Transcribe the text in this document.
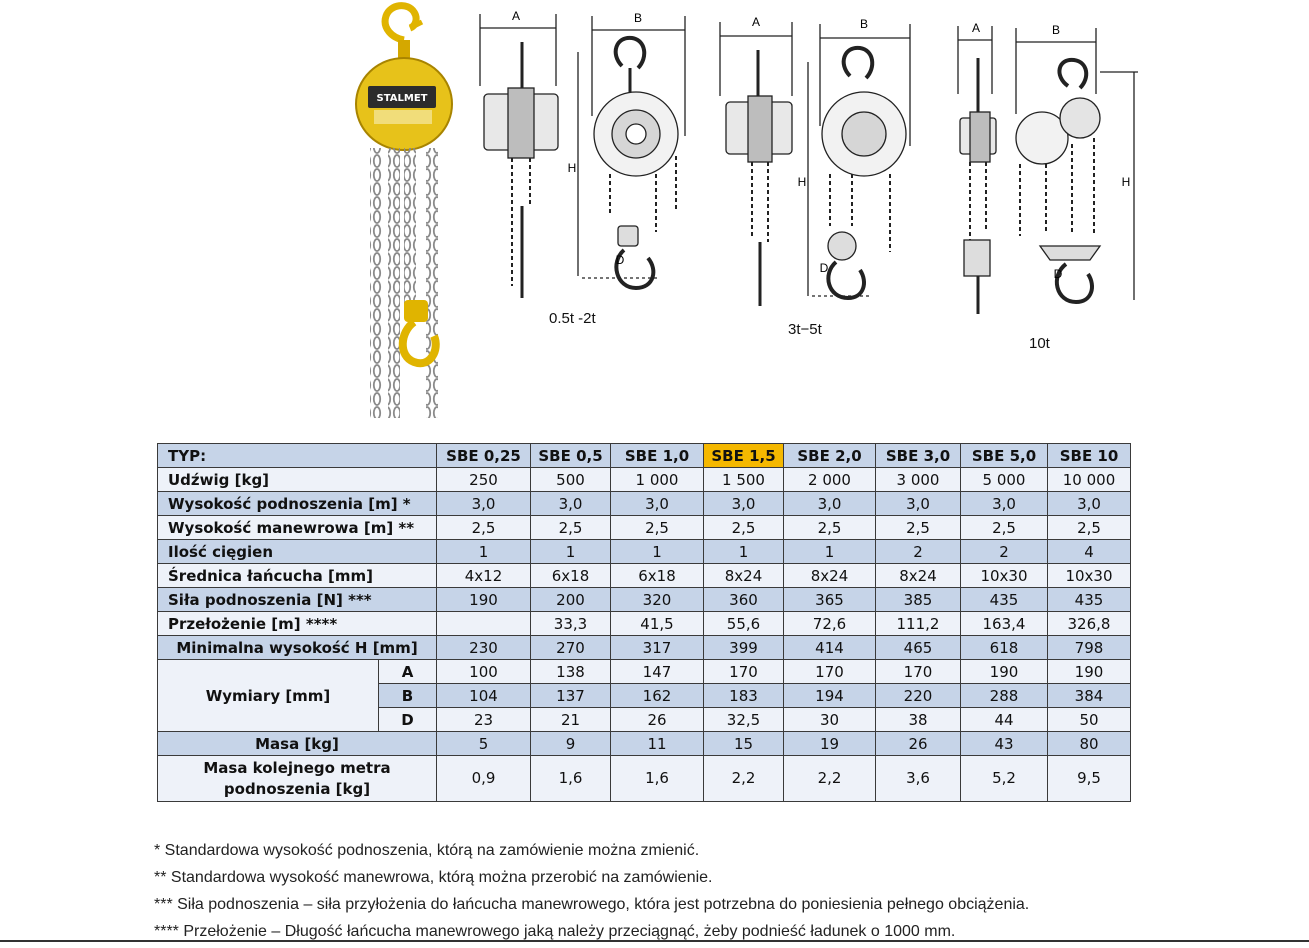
STALMET
A	B
H
D
0.5t -2t
A	B
H
D
3t−5t
A	B
H
D
10t
TYP:		SBE 0,25	SBE 0,5	SBE 1,0	SBE 1,5	SBE 2,0	SBE 3,0	SBE 5,0	SBE 10
Udźwig [kg]		250	500	1 000	1 500	2 000	3 000	5 000	10 000
Wysokość podnoszenia [m] *		3,0	3,0	3,0	3,0	3,0	3,0	3,0	3,0
Wysokość manewrowa [m] **		2,5	2,5	2,5	2,5	2,5	2,5	2,5	2,5
Ilość cięgien		1	1	1	1	1	2	2	4
Średnica łańcucha [mm]		4x12	6x18	6x18	8x24	8x24	8x24	10x30	10x30
Siła podnoszenia [N] ***		190	200	320	360	365	385	435	435
Przełożenie [m] ****			33,3	41,5	55,6	72,6	111,2	163,4	326,8
Minimalna wysokość H [mm]		230	270	317	399	414	465	618	798
Wymiary [mm]	A	100	138	147	170	170	170	190	190
	B	104	137	162	183	194	220	288	384
	D	23	21	26	32,5	30	38	44	50
Masa [kg]		5	9	11	15	19	26	43	80
Masa kolejnego metra podnoszenia [kg]		0,9	1,6	1,6	2,2	2,2	3,6	5,2	9,5
* Standardowa wysokość podnoszenia, którą na zamówienie można zmienić.
** Standardowa wysokość manewrowa, którą można przerobić na zamówienie.
*** Siła podnoszenia – siła przyłożenia do łańcucha manewrowego, która jest potrzebna do poniesienia pełnego obciążenia.
**** Przełożenie – Długość łańcucha manewrowego jaką należy przeciągnąć, żeby podnieść ładunek o 1000 mm.
